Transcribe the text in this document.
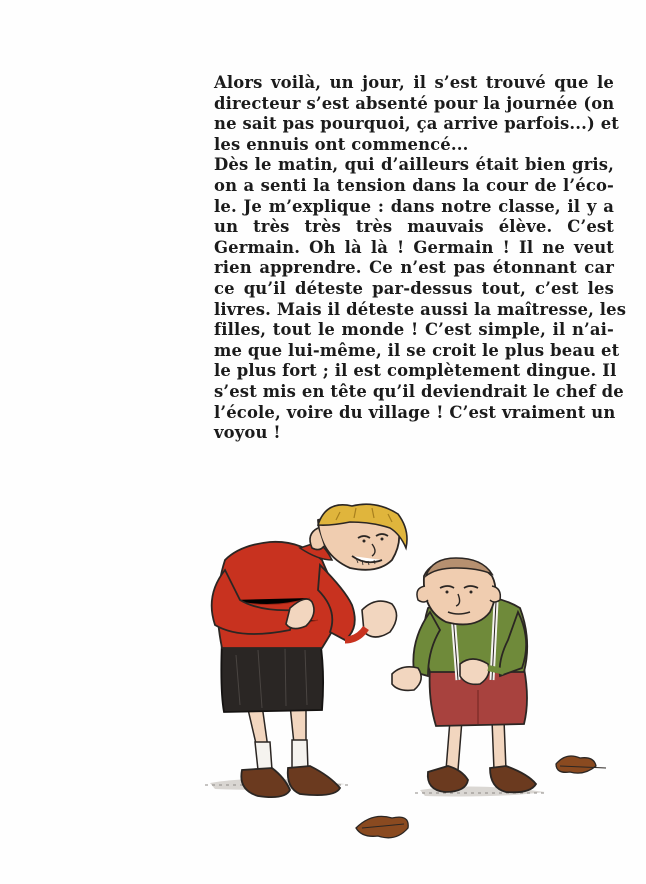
Alors voilà, un jour, il s’est trouvé que le
directeur s’est absenté pour la journée (on
ne sait pas pourquoi, ça arrive parfois...) et
les ennuis ont commencé...
Dès le matin, qui d’ailleurs était bien gris,
on a senti la tension dans la cour de l’éco-
le. Je m’explique : dans notre classe, il y a
un très très très mauvais élève. C’est
Germain. Oh là là ! Germain ! Il ne veut
rien apprendre. Ce n’est pas étonnant car
ce qu’il déteste par-dessus tout, c’est les
livres. Mais il déteste aussi la maîtresse, les
filles, tout le monde ! C’est simple, il n’ai-
me que lui-même, il se croit le plus beau et
le plus fort ; il est complètement dingue. Il
s’est mis en tête qu’il deviendrait le chef de
l’école, voire du village ! C’est vraiment un
voyou !
